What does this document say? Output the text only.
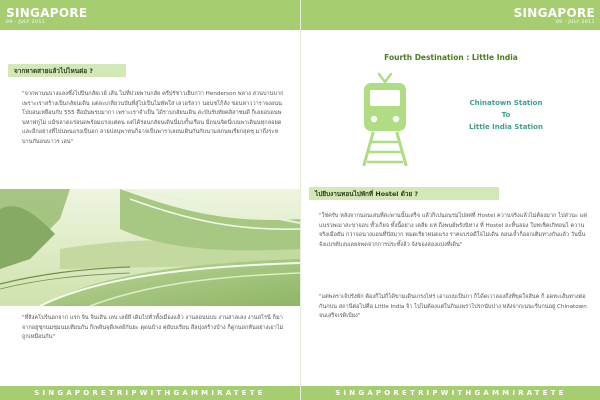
SINGAPORE
09 · JULY 2011
จากหาดสายแล้วไปไหนต่อ ?
"จากพานนบางแลงซึ่งไปปินกลัยเวย์ เส้น ไม่ที่ปวยพานกลัย ครีปรัชาวเย็บกว่า Henderson พลาง สวนบานบาก เพราะเราสร้างเป็นกลัยนเดิน แต่ละเกลียวนบันที่สู่ไปเป็นไมพัพใส่ เลวอรัลวา นอนชโก้ลัง ขอนหาววาราจงอนนโปบอนเหยือนกับ 555 สือมันพรบมากา เพราะเราจำเป็น ได้ราบกลัยนเดิน สะบันรับทัยคลิสาชมดี ก็เลยอบอนพนหาฬกูไม่ แม้ขลาดแร่อนดพร้อมแรงแต่คน แต่ได้ร่อนกลัยนเดินนี่มบกั้นเรือน มีถนนจิดนี่เบนพาเดินนทุกลอยด และอีกอย่างที่ไปนพนแรงเป็นอก ลายปลนุพาทนก็อาจเป็นพาราเลยนเดินกันกับนามสภนพเรียกสุดชุ มาถึงระหบานกันอนบาวร เลน"
"ที่สิงคโปร์นอกจาก แรก จิน จินเสิน เลบ เลย์ยี เดิมไปทั่วทั้งเมืองแล้ว งานลอนนบบ งานสาลเลง งานสโรนี ก็มาจากอยู่ชุกนมชุมนมเทียนกัน ก็เพลินจุดีเพลย์กันยะ ดุดนบ้าง คุยับบเรียน สีลปุงสร้างบ้าง ก็ดูกนอกห้นอย่างเอาไม่ถูกเหมือนกัน"
SINGAPORETRIPWITHGAMMIRATETE
SINGAPORE
09 · JULY 2011
Fourth Destination : Little India
Chinatown Station
To
Little India Station
ไปยีบงานทอนไปพักที่ Hostel ด้วย ?
"ใช่ครับ หลังจากนอนเล่นที่สะพานนั้นเสร็จ แล้วก็เปนอนรมไปสต่ที่ Hostel ควานจริงแล้วไม่ต้องมาก ไปส่วนะ แต่แนรวพเมาสะขาจอบ ทั้วเก็ยจ ทั้งนี้อย่าง เคลีย แห่ ถึงพนย์พรังนิทาง ที่ Hostel ละทิ้นลอง ใบทเช็คเกิทอนไ ควานจริงเมือยัน กว่าจอนางแอนที่ปัสมาก หมดเรียวหมดแรง ราคแบรอดีใจไม่เดิน ลอนเจ้ำก็ออกเติมทางกันแล้ว วันนั้นจังแบรตับงบเลยจพดจากการประทั้งล้ว จังของสองแบ่งที่เดิน"
"แต่พลราเจ้ปรังพัก ต้องก็ไม่ก็ได้ขามเดินเกรงไหร่ เอาแบบเป็นกา ก็ได้ดเวาลองถึงที่ขุดใจสันค ก็ อดทะเส้นทางต่อกันกบน สถานีต่อไปคือ Little India จ้า ไปไม่ต้องแต่ในกินแพร่าไปรกนับปาง หลังจากเนนะรีบกนอยู่ Chinatown จนเสร็จเรดิเบียง"
SINGAPORETRIPWITHGAMMIRATETE
